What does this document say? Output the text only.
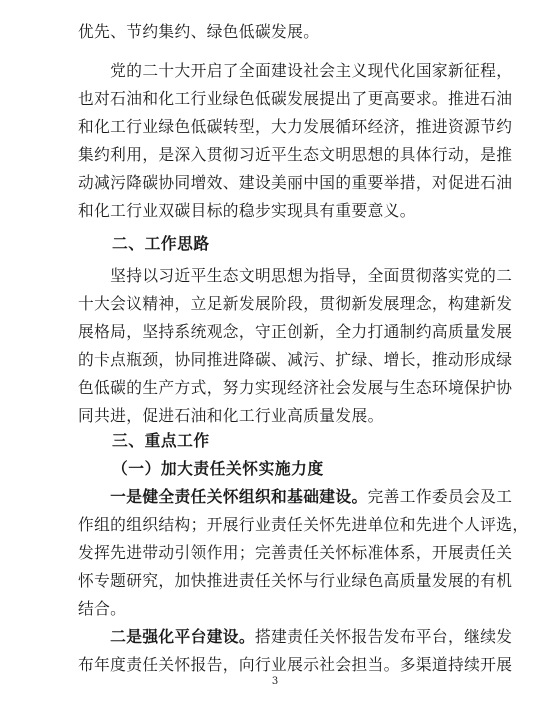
优先、节约集约、绿色低碳发展。

　　党的二十大开启了全面建设社会主义现代化国家新征程，

也对石油和化工行业绿色低碳发展提出了更高要求。推进石油

和化工行业绿色低碳转型，大力发展循环经济，推进资源节约

集约利用，是深入贯彻习近平生态文明思想的具体行动，是推

动减污降碳协同增效、建设美丽中国的重要举措，对促进石油

和化工行业双碳目标的稳步实现具有重要意义。

二、工作思路

　　坚持以习近平生态文明思想为指导，全面贯彻落实党的二

十大会议精神，立足新发展阶段，贯彻新发展理念，构建新发

展格局，坚持系统观念，守正创新，全力打通制约高质量发展

的卡点瓶颈，协同推进降碳、减污、扩绿、增长，推动形成绿

色低碳的生产方式，努力实现经济社会发展与生态环境保护协

同共进，促进石油和化工行业高质量发展。

三、重点工作
（一）加大责任关怀实施力度

　　一是健全责任关怀组织和基础建设。完善工作委员会及工

作组的组织结构；开展行业责任关怀先进单位和先进个人评选，

发挥先进带动引领作用；完善责任关怀标准体系，开展责任关

怀专题研究，加快推进责任关怀与行业绿色高质量发展的有机

结合。

　　二是强化平台建设。搭建责任关怀报告发布平台，继续发

布年度责任关怀报告，向行业展示社会担当。多渠道持续开展

3
